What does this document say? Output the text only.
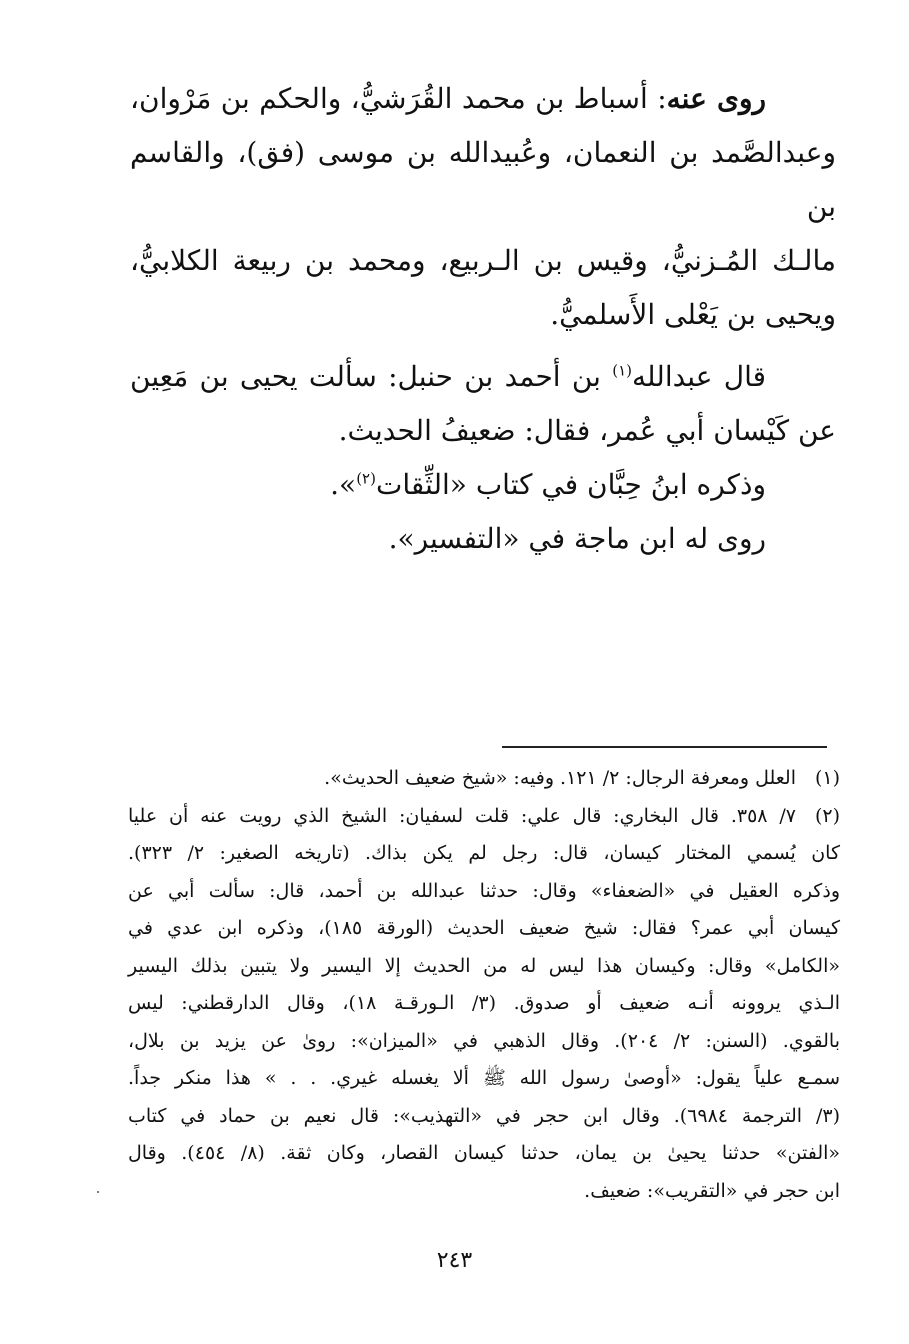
روى عنه: أسباط بن محمد القُرَشيُّ، والحكم بن مَرْوان،

وعبدالصَّمد بن النعمان، وعُبيدالله بن موسى (فق)، والقاسم بن
مالـك المُـزنيُّ، وقيس بن الـربيع، ومحمد بن ربيعة الكلابيُّ،
ويحيى بن يَعْلى الأَسلميُّ.

قال عبدالله$^{(١)}$ بن أحمد بن حنبل: سألت يحيى بن مَعِين

عن كَيْسان أبي عُمر، فقال: ضعيفُ الحديث.

وذكره ابنُ حِبَّان في كتاب «الثِّقات$^{(٢)}$».

روى له ابن ماجة في «التفسير».

(١)
العلل ومعرفة الرجال: ٢/ ١٢١. وفيه: «شيخ ضعيف الحديث».
(٢)
٧/ ٣٥٨. قال البخاري: قال علي: قلت لسفيان: الشيخ الذي رويت عنه أن عليا
كان يُسمي المختار كيسان، قال: رجل لم يكن بذاك. (تاريخه الصغير: ٢/ ٣٢٣).
وذكره العقيل في «الضعفاء» وقال: حدثنا عبدالله بن أحمد، قال: سألت أبي عن
كيسان أبي عمر؟ فقال: شيخ ضعيف الحديث (الورقة ١٨٥)، وذكره ابن عدي في
«الكامل» وقال: وكيسان هذا ليس له من الحديث إلا اليسير ولا يتبين بذلك اليسير
الـذي يروونه أنـه ضعيف أو صدوق. (٣/ الـورقـة ١٨)، وقال الدارقطني: ليس
بالقوي. (السنن: ٢/ ٢٠٤). وقال الذهبي في «الميزان»: روىٰ عن يزيد بن بلال،
سمـع علياً يقول: «أوصىٰ رسول الله ﷺ ألا يغسله غيري. . . » هذا منكر جداً.
(٣/ الترجمة ٦٩٨٤). وقال ابن حجر في «التهذيب»: قال نعيم بن حماد في كتاب
«الفتن» حدثنا يحيىٰ بن يمان، حدثنا كيسان القصار، وكان ثقة. (٨/ ٤٥٤). وقال
ابن حجر في «التقريب»: ضعيف.
٢٤٣
